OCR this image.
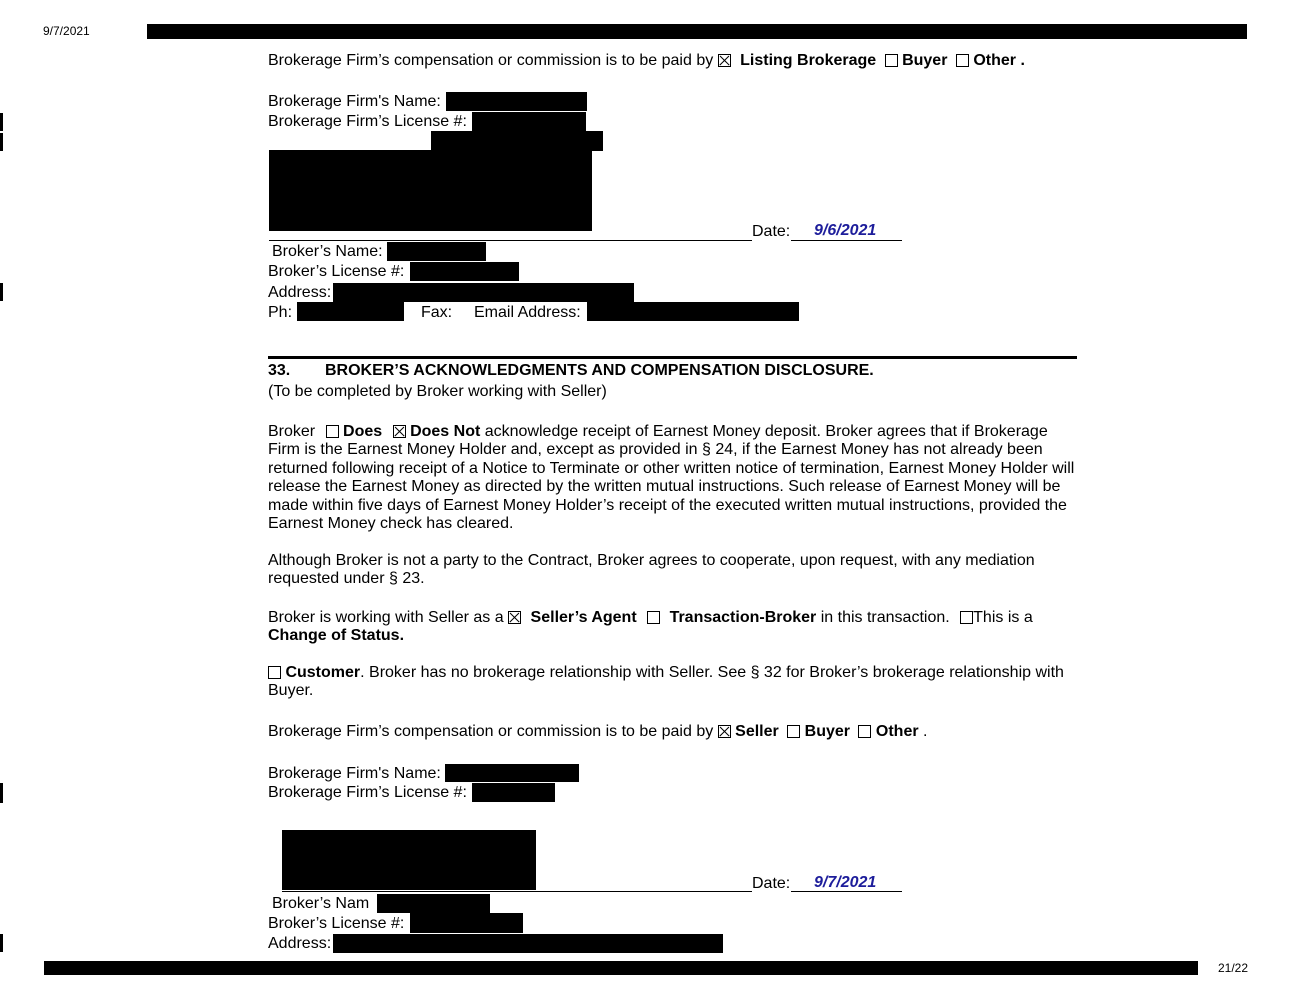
9/7/2021
Brokerage Firm’s compensation or commission is to be paid by Listing Brokerage Buyer Other .
Brokerage Firm's Name:
Brokerage Firm’s License #:
Date: 9/6/2021
Broker’s Name:
Broker’s License #:
Address:
Ph:	Fax: Email Address:
33. BROKER’S ACKNOWLEDGMENTS AND COMPENSATION DISCLOSURE.
(To be completed by Broker working with Seller)
Broker Does Does Not acknowledge receipt of Earnest Money deposit. Broker agrees that if Brokerage Firm is the Earnest Money Holder and, except as provided in § 24, if the Earnest Money has not already been returned following receipt of a Notice to Terminate or other written notice of termination, Earnest Money Holder will release the Earnest Money as directed by the written mutual instructions. Such release of Earnest Money will be made within five days of Earnest Money Holder’s receipt of the executed written mutual instructions, provided the Earnest Money check has cleared.
Although Broker is not a party to the Contract, Broker agrees to cooperate, upon request, with any mediation requested under § 23.
Broker is working with Seller as a Seller’s Agent Transaction-Broker in this transaction. This is a
Change of Status.
Customer. Broker has no brokerage relationship with Seller. See § 32 for Broker’s brokerage relationship with Buyer.
Brokerage Firm’s compensation or commission is to be paid by Seller Buyer Other .
Brokerage Firm's Name:
Brokerage Firm’s License #:
Date: 9/7/2021
Broker’s Nam
Broker’s License #:
Address:
21/22
